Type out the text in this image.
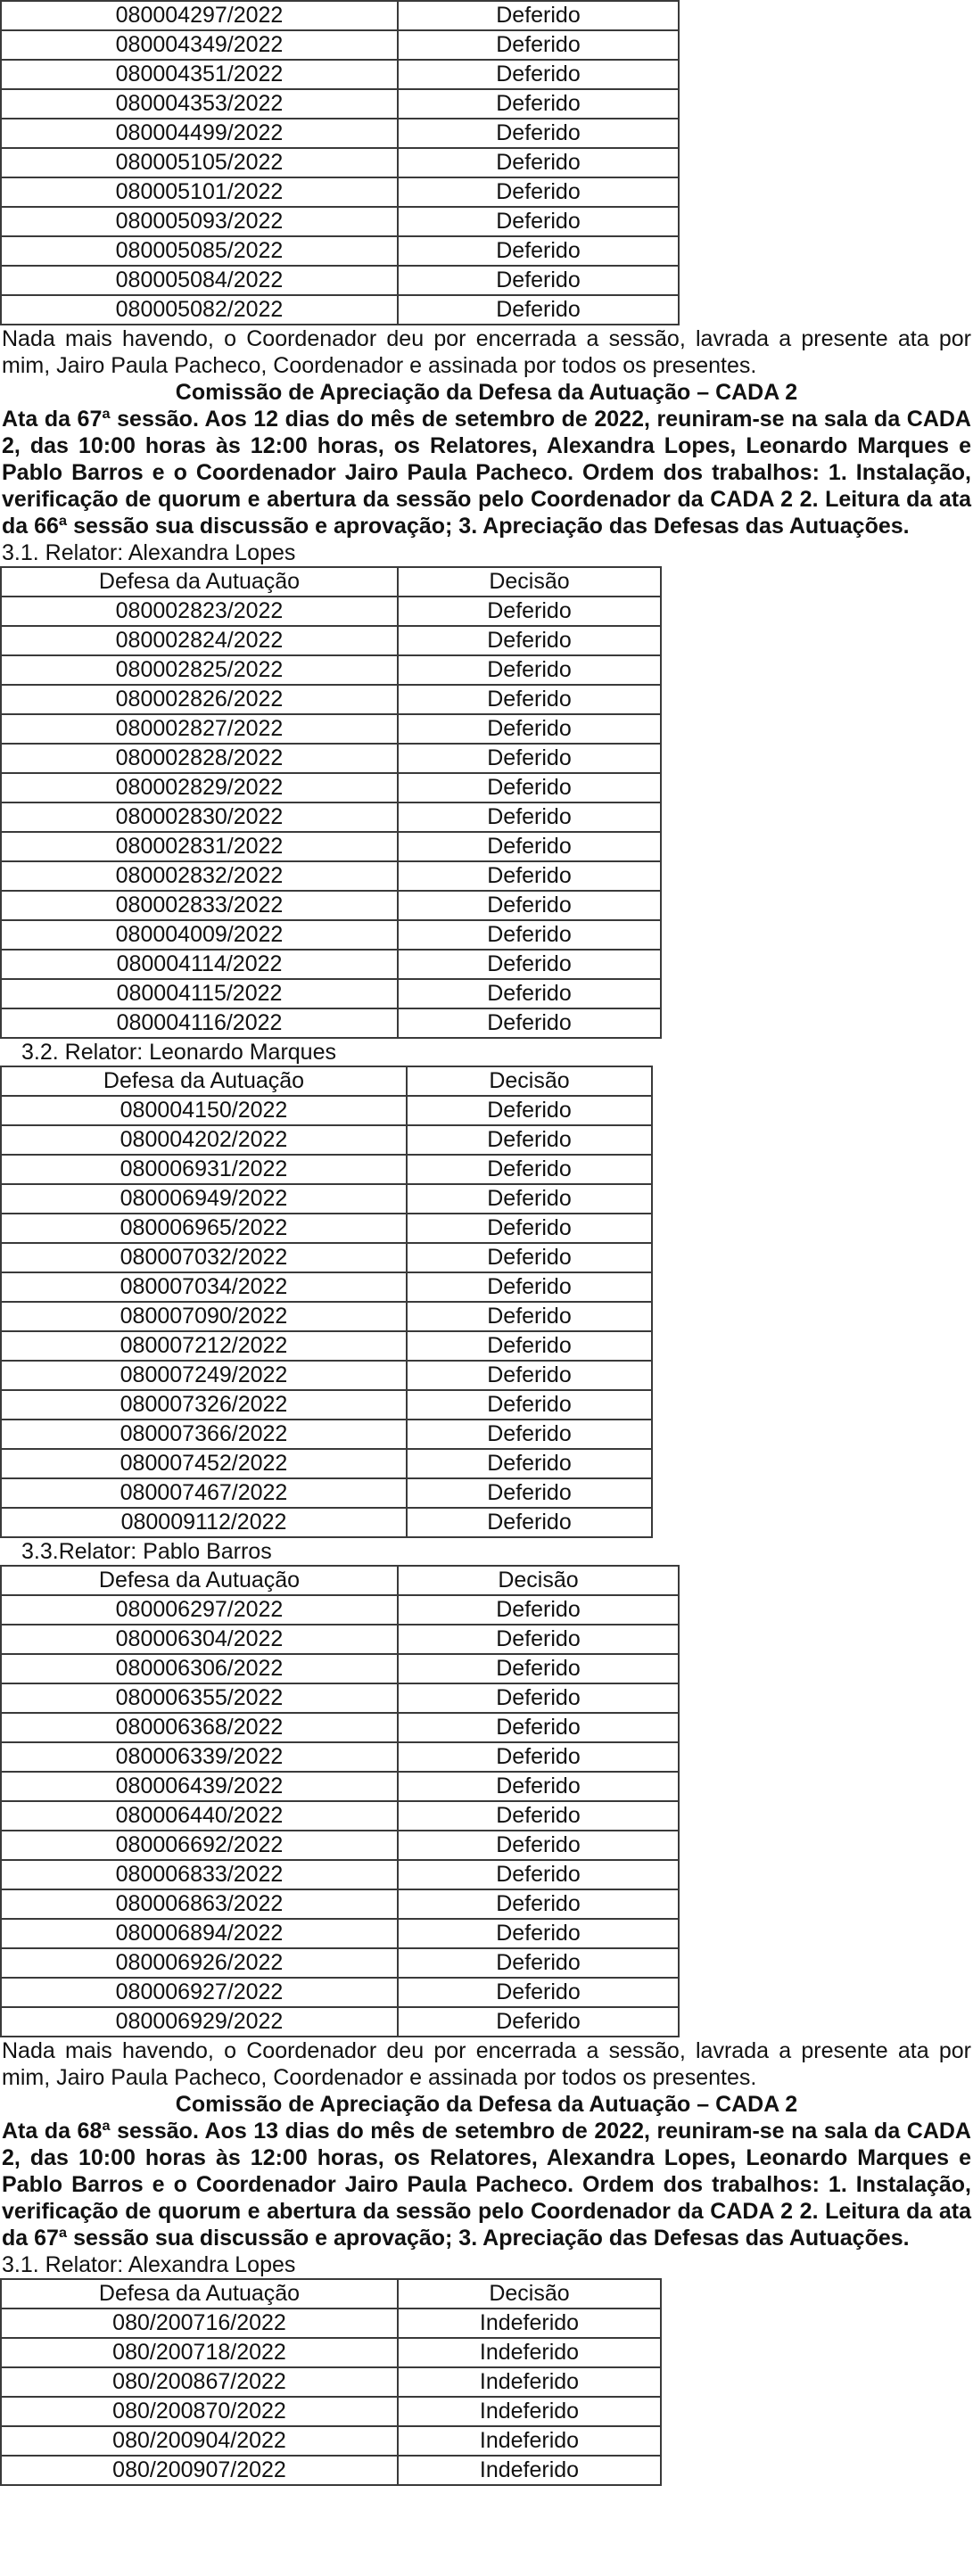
080004297/2022	Deferido
080004349/2022	Deferido
080004351/2022	Deferido
080004353/2022	Deferido
080004499/2022	Deferido
080005105/2022	Deferido
080005101/2022	Deferido
080005093/2022	Deferido
080005085/2022	Deferido
080005084/2022	Deferido
080005082/2022	Deferido

Nada mais havendo, o Coordenador deu por encerrada a sessão, lavrada a presente ata por mim, Jairo Paula Pacheco, Coordenador e assinada por todos os presentes.

Comissão de Apreciação da Defesa da Autuação – CADA 2

Ata da 67ª sessão. Aos 12 dias do mês de setembro de 2022, reuniram-se na sala da CADA 2, das 10:00 horas às 12:00 horas, os Relatores, Alexandra Lopes, Leonardo Marques e Pablo Barros e o Coordenador Jairo Paula Pacheco. Ordem dos trabalhos: 1. Instalação, verificação de quorum e abertura da sessão pelo Coordenador da CADA 2 2. Leitura da ata da 66ª sessão sua discussão e aprovação; 3. Apreciação das Defesas das Autuações.

3.1. Relator: Alexandra Lopes

Defesa da Autuação	Decisão
080002823/2022	Deferido
080002824/2022	Deferido
080002825/2022	Deferido
080002826/2022	Deferido
080002827/2022	Deferido
080002828/2022	Deferido
080002829/2022	Deferido
080002830/2022	Deferido
080002831/2022	Deferido
080002832/2022	Deferido
080002833/2022	Deferido
080004009/2022	Deferido
080004114/2022	Deferido
080004115/2022	Deferido
080004116/2022	Deferido

3.2. Relator: Leonardo Marques

Defesa da Autuação	Decisão
080004150/2022	Deferido
080004202/2022	Deferido
080006931/2022	Deferido
080006949/2022	Deferido
080006965/2022	Deferido
080007032/2022	Deferido
080007034/2022	Deferido
080007090/2022	Deferido
080007212/2022	Deferido
080007249/2022	Deferido
080007326/2022	Deferido
080007366/2022	Deferido
080007452/2022	Deferido
080007467/2022	Deferido
080009112/2022	Deferido

3.3.Relator: Pablo Barros

Defesa da Autuação	Decisão
080006297/2022	Deferido
080006304/2022	Deferido
080006306/2022	Deferido
080006355/2022	Deferido
080006368/2022	Deferido
080006339/2022	Deferido
080006439/2022	Deferido
080006440/2022	Deferido
080006692/2022	Deferido
080006833/2022	Deferido
080006863/2022	Deferido
080006894/2022	Deferido
080006926/2022	Deferido
080006927/2022	Deferido
080006929/2022	Deferido

Nada mais havendo, o Coordenador deu por encerrada a sessão, lavrada a presente ata por mim, Jairo Paula Pacheco, Coordenador e assinada por todos os presentes.

Comissão de Apreciação da Defesa da Autuação – CADA 2

Ata da 68ª sessão. Aos 13 dias do mês de setembro de 2022, reuniram-se na sala da CADA 2, das 10:00 horas às 12:00 horas, os Relatores, Alexandra Lopes, Leonardo Marques e Pablo Barros e o Coordenador Jairo Paula Pacheco. Ordem dos trabalhos: 1. Instalação, verificação de quorum e abertura da sessão pelo Coordenador da CADA 2 2. Leitura da ata da 67ª sessão sua discussão e aprovação; 3. Apreciação das Defesas das Autuações.

3.1. Relator: Alexandra Lopes

Defesa da Autuação	Decisão
080/200716/2022	Indeferido
080/200718/2022	Indeferido
080/200867/2022	Indeferido
080/200870/2022	Indeferido
080/200904/2022	Indeferido
080/200907/2022	Indeferido
